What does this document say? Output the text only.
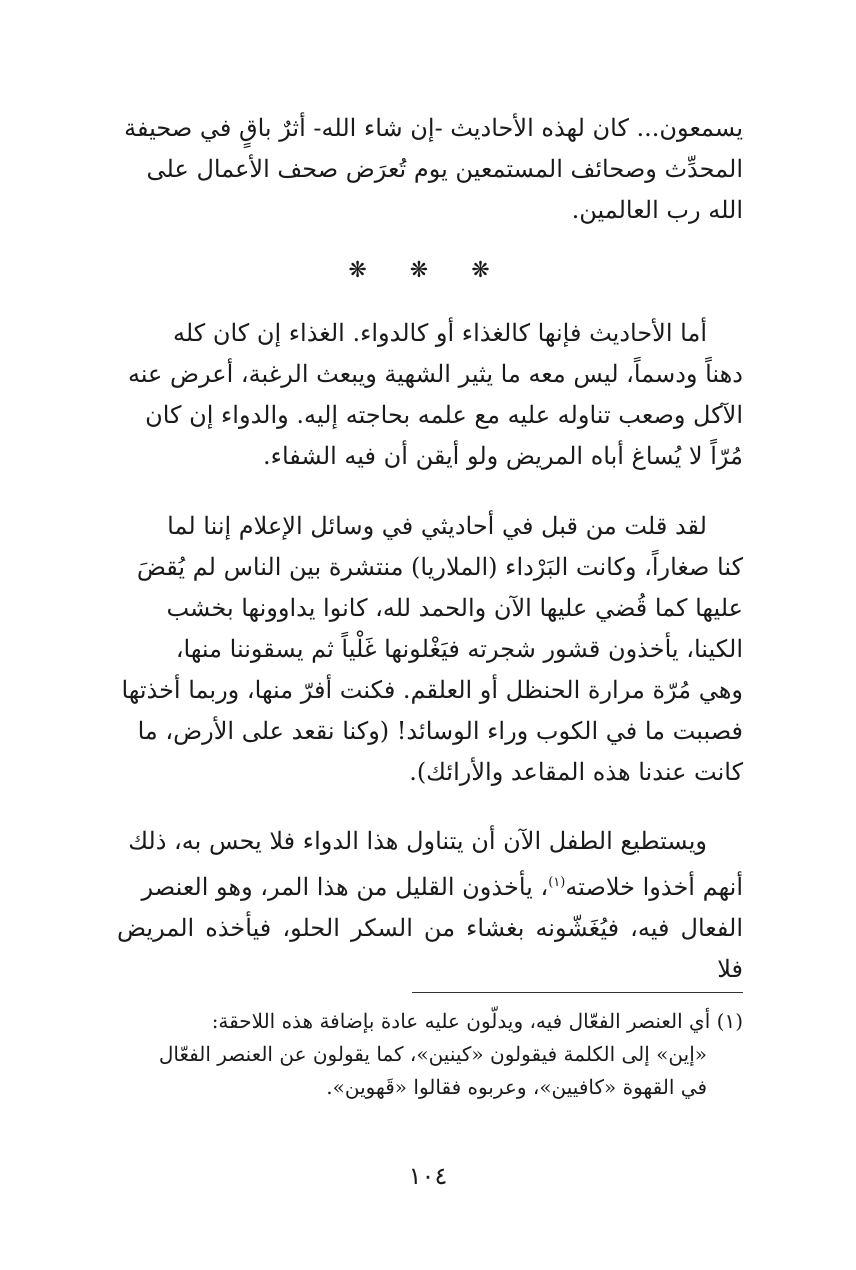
يسمعون... كان لهذه الأحاديث -إن شاء الله- أثرٌ باقٍ في صحيفة

المحدِّث وصحائف المستمعين يوم تُعرَض صحف الأعمال على

الله رب العالمين.

❋ ❋ ❋

أما الأحاديث فإنها كالغذاء أو كالدواء. الغذاء إن كان كله

دهناً ودسماً، ليس معه ما يثير الشهية ويبعث الرغبة، أعرض عنه

الآكل وصعب تناوله عليه مع علمه بحاجته إليه. والدواء إن كان

مُرّاً لا يُساغ أباه المريض ولو أيقن أن فيه الشفاء.

لقد قلت من قبل في أحاديثي في وسائل الإعلام إننا لما

كنا صغاراً، وكانت البَرْداء (الملاريا) منتشرة بين الناس لم يُقضَ

عليها كما قُضي عليها الآن والحمد لله، كانوا يداوونها بخشب

الكينا، يأخذون قشور شجرته فيَغْلونها غَلْياً ثم يسقوننا منها،

وهي مُرّة مرارة الحنظل أو العلقم. فكنت أفرّ منها، وربما أخذتها

فصببت ما في الكوب وراء الوسائد! (وكنا نقعد على الأرض، ما

كانت عندنا هذه المقاعد والأرائك).

ويستطيع الطفل الآن أن يتناول هذا الدواء فلا يحس به، ذلك

أنهم أخذوا خلاصته$^{(١)}$، يأخذون القليل من هذا المر، وهو العنصر

الفعال فيه، فيُغَشّونه بغشاء من السكر الحلو، فيأخذه المريض فلا

(١) أي العنصر الفعّال فيه، ويدلّون عليه عادة بإضافة هذه اللاحقة:

«إين» إلى الكلمة فيقولون «كينين»، كما يقولون عن العنصر الفعّال

في القهوة «كافيين»، وعربوه فقالوا «قَهوين».

١٠٤
